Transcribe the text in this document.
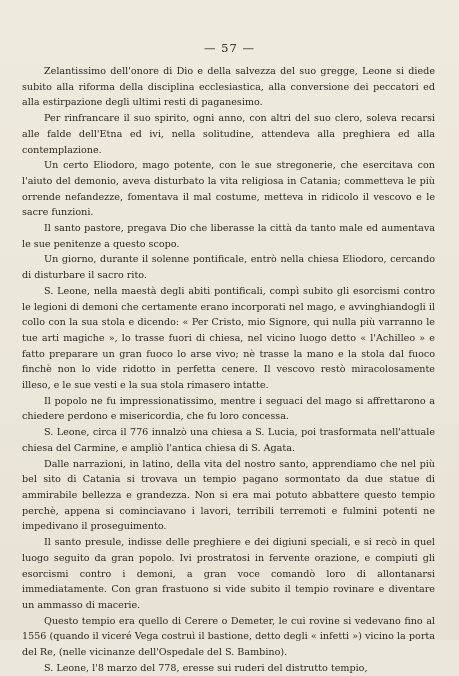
— 57 —

Zelantissimo dell'onore di Dio e della salvezza del suo gregge, Leone si diede subito alla riforma della disciplina ecclesiastica, alla conversione dei peccatori ed alla estirpazione degli ultimi resti di paganesimo.

Per rinfrancare il suo spirito, ogni anno, con altri del suo clero, soleva recarsi alle falde dell'Etna ed ivi, nella solitudine, attendeva alla preghiera ed alla contemplazione.

Un certo Eliodoro, mago potente, con le sue stregonerie, che esercitava con l'aiuto del demonio, aveva disturbato la vita religiosa in Catania; commetteva le più orrende nefandezze, fomentava il mal costume, metteva in ridicolo il vescovo e le sacre funzioni.

Il santo pastore, pregava Dio che liberasse la città da tanto male ed aumentava le sue penitenze a questo scopo.

Un giorno, durante il solenne pontificale, entrò nella chiesa Eliodoro, cercando di disturbare il sacro rito.

S. Leone, nella maestà degli abiti pontificali, compì subito gli esorcismi contro le legioni di demoni che certamente erano incorporati nel mago, e avvinghiandogli il collo con la sua stola e dicendo: « Per Cristo, mio Signore, qui nulla più varranno le tue arti magiche », lo trasse fuori di chiesa, nel vicino luogo detto « l'Achilleo » e fatto preparare un gran fuoco lo arse vivo; nè trasse la mano e la stola dal fuoco finchè non lo vide ridotto in perfetta cenere. Il vescovo restò miracolosamente illeso, e le sue vesti e la sua stola rimasero intatte.

Il popolo ne fu impressionatissimo, mentre i seguaci del mago si affrettarono a chiedere perdono e misericordia, che fu loro concessa.

S. Leone, circa il 776 innalzò una chiesa a S. Lucia, poi trasformata nell'attuale chiesa del Carmine, e ampliò l'antica chiesa di S. Agata.

Dalle narrazioni, in latino, della vita del nostro santo, apprendiamo che nel più bel sito di Catania si trovava un tempio pagano sormontato da due statue di ammirabile bellezza e grandezza. Non si era mai potuto abbattere questo tempio perchè, appena si cominciavano i lavori, terribili terremoti e fulmini potenti ne impedivano il proseguimento.

Il santo presule, indisse delle preghiere e dei digiuni speciali, e si recò in quel luogo seguito da gran popolo. Ivi prostratosi in fervente orazione, e compiuti gli esorcismi contro i demoni, a gran voce comandò loro di allontanarsi immediatamente. Con gran frastuono si vide subito il tempio rovinare e diventare un ammasso di macerie.

Questo tempio era quello di Cerere o Demeter, le cui rovine si vedevano fino al 1556 (quando il viceré Vega costruì il bastione, detto degli « infetti ») vicino la porta del Re, (nelle vicinanze dell'Ospedale del S. Bambino).

S. Leone, l'8 marzo del 778, eresse sui ruderi del distrutto tempio,
